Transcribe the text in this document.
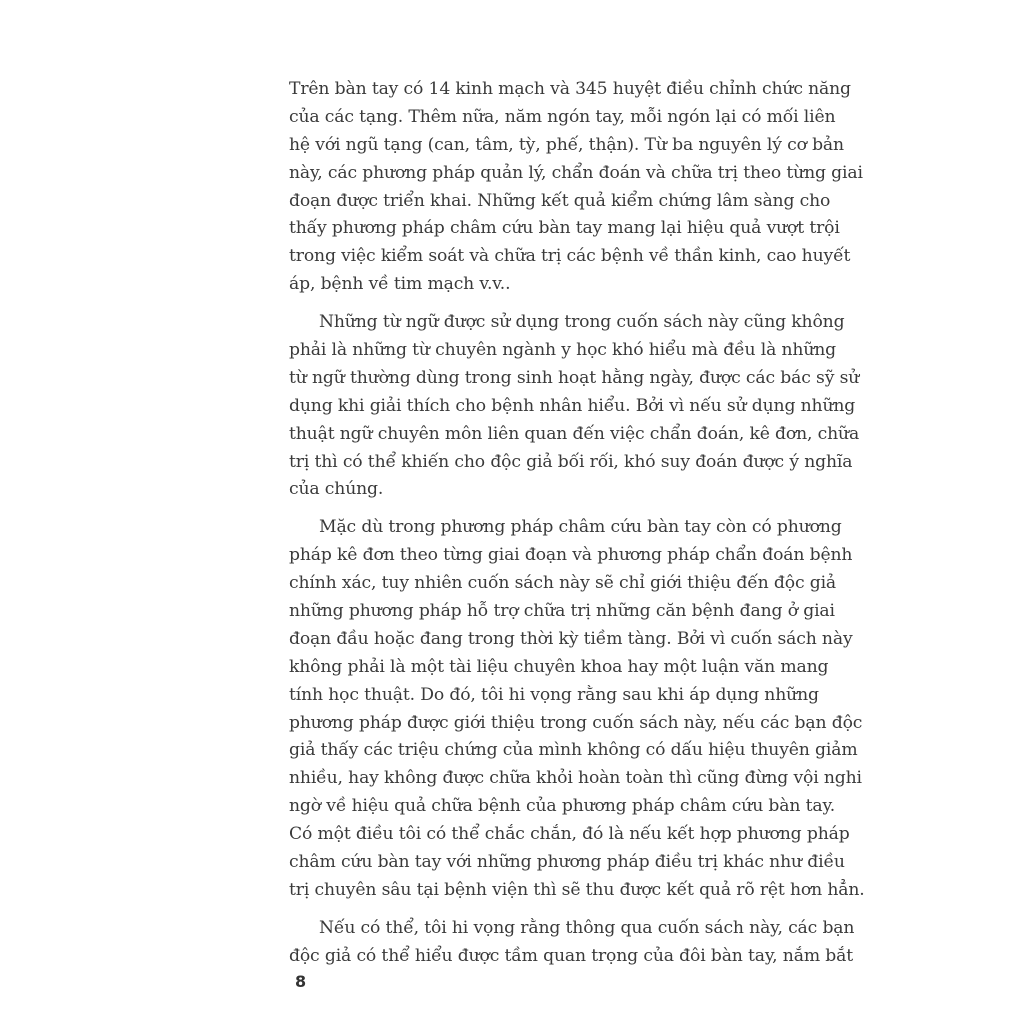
Trên bàn tay có 14 kinh mạch và 345 huyệt điều chỉnh chức năng
của các tạng. Thêm nữa, năm ngón tay, mỗi ngón lại có mối liên
hệ với ngũ tạng (can, tâm, tỳ, phế, thận). Từ ba nguyên lý cơ bản
này, các phương pháp quản lý, chẩn đoán và chữa trị theo từng giai
đoạn được triển khai. Những kết quả kiểm chứng lâm sàng cho
thấy phương pháp châm cứu bàn tay mang lại hiệu quả vượt trội
trong việc kiểm soát và chữa trị các bệnh về thần kinh, cao huyết
áp, bệnh về tim mạch v.v..
Những từ ngữ được sử dụng trong cuốn sách này cũng không
phải là những từ chuyên ngành y học khó hiểu mà đều là những
từ ngữ thường dùng trong sinh hoạt hằng ngày, được các bác sỹ sử
dụng khi giải thích cho bệnh nhân hiểu. Bởi vì nếu sử dụng những
thuật ngữ chuyên môn liên quan đến việc chẩn đoán, kê đơn, chữa
trị thì có thể khiến cho độc giả bối rối, khó suy đoán được ý nghĩa
của chúng.
Mặc dù trong phương pháp châm cứu bàn tay còn có phương
pháp kê đơn theo từng giai đoạn và phương pháp chẩn đoán bệnh
chính xác, tuy nhiên cuốn sách này sẽ chỉ giới thiệu đến độc giả
những phương pháp hỗ trợ chữa trị những căn bệnh đang ở giai
đoạn đầu hoặc đang trong thời kỳ tiềm tàng. Bởi vì cuốn sách này
không phải là một tài liệu chuyên khoa hay một luận văn mang
tính học thuật. Do đó, tôi hi vọng rằng sau khi áp dụng những
phương pháp được giới thiệu trong cuốn sách này, nếu các bạn độc
giả thấy các triệu chứng của mình không có dấu hiệu thuyên giảm
nhiều, hay không được chữa khỏi hoàn toàn thì cũng đừng vội nghi
ngờ về hiệu quả chữa bệnh của phương pháp châm cứu bàn tay.
Có một điều tôi có thể chắc chắn, đó là nếu kết hợp phương pháp
châm cứu bàn tay với những phương pháp điều trị khác như điều
trị chuyên sâu tại bệnh viện thì sẽ thu được kết quả rõ rệt hơn hẳn.
Nếu có thể, tôi hi vọng rằng thông qua cuốn sách này, các bạn
độc giả có thể hiểu được tầm quan trọng của đôi bàn tay, nắm bắt
8
